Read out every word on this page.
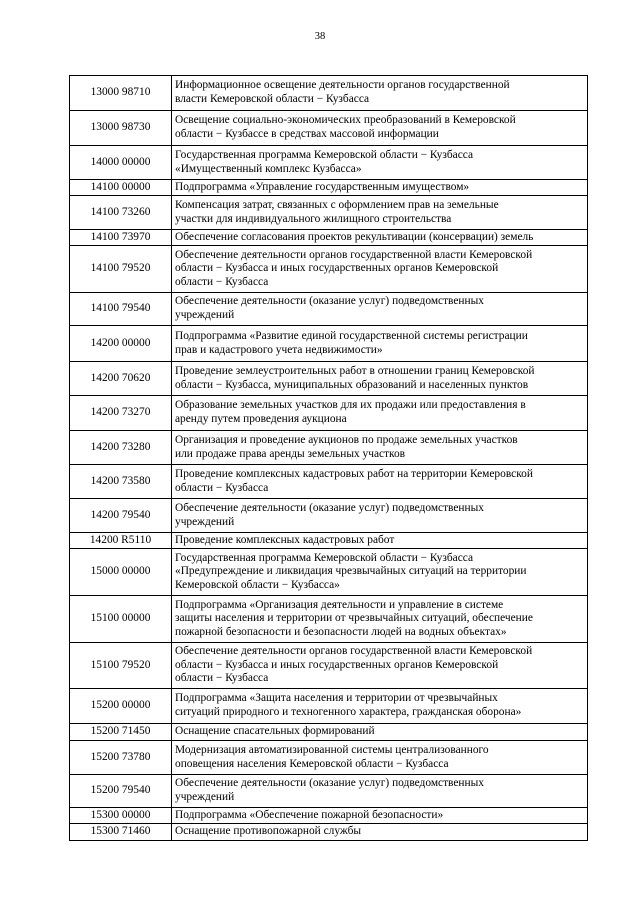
38
13000 98710	Информационное освещение деятельности органов государственной
власти Кемеровской области − Кузбасса

13000 98730	Освещение социально-экономических преобразований в Кемеровской
области − Кузбассе в средствах массовой информации

14000 00000	Государственная программа Кемеровской области − Кузбасса
«Имущественный комплекс Кузбасса»

14100 00000	Подпрограмма «Управление государственным имуществом»

14100 73260	Компенсация затрат, связанных с оформлением прав на земельные
участки для индивидуального жилищного строительства

14100 73970	Обеспечение согласования проектов рекультивации (консервации) земель

14100 79520	Обеспечение деятельности органов государственной власти Кемеровской
области − Кузбасса и иных государственных органов Кемеровской
области − Кузбасса

14100 79540	Обеспечение деятельности (оказание услуг) подведомственных
учреждений

14200 00000	Подпрограмма «Развитие единой государственной системы регистрации
прав и кадастрового учета недвижимости»

14200 70620	Проведение землеустроительных работ в отношении границ Кемеровской
области − Кузбасса, муниципальных образований и населенных пунктов

14200 73270	Образование земельных участков для их продажи или предоставления в
аренду путем проведения аукциона

14200 73280	Организация и проведение аукционов по продаже земельных участков
или продаже права аренды земельных участков

14200 73580	Проведение комплексных кадастровых работ на территории Кемеровской
области − Кузбасса

14200 79540	Обеспечение деятельности (оказание услуг) подведомственных
учреждений

14200 R5110	Проведение комплексных кадастровых работ

15000 00000	Государственная программа Кемеровской области − Кузбасса
«Предупреждение и ликвидация чрезвычайных ситуаций на территории
Кемеровской области − Кузбасса»

15100 00000	Подпрограмма «Организация деятельности и управление в системе
защиты населения и территории от чрезвычайных ситуаций, обеспечение
пожарной безопасности и безопасности людей на водных объектах»

15100 79520	Обеспечение деятельности органов государственной власти Кемеровской
области − Кузбасса и иных государственных органов Кемеровской
области − Кузбасса

15200 00000	Подпрограмма «Защита населения и территории от чрезвычайных
ситуаций природного и техногенного характера, гражданская оборона»

15200 71450	Оснащение спасательных формирований

15200 73780	Модернизация автоматизированной системы централизованного
оповещения населения Кемеровской области − Кузбасса

15200 79540	Обеспечение деятельности (оказание услуг) подведомственных
учреждений

15300 00000	Подпрограмма «Обеспечение пожарной безопасности»

15300 71460	Оснащение противопожарной службы
